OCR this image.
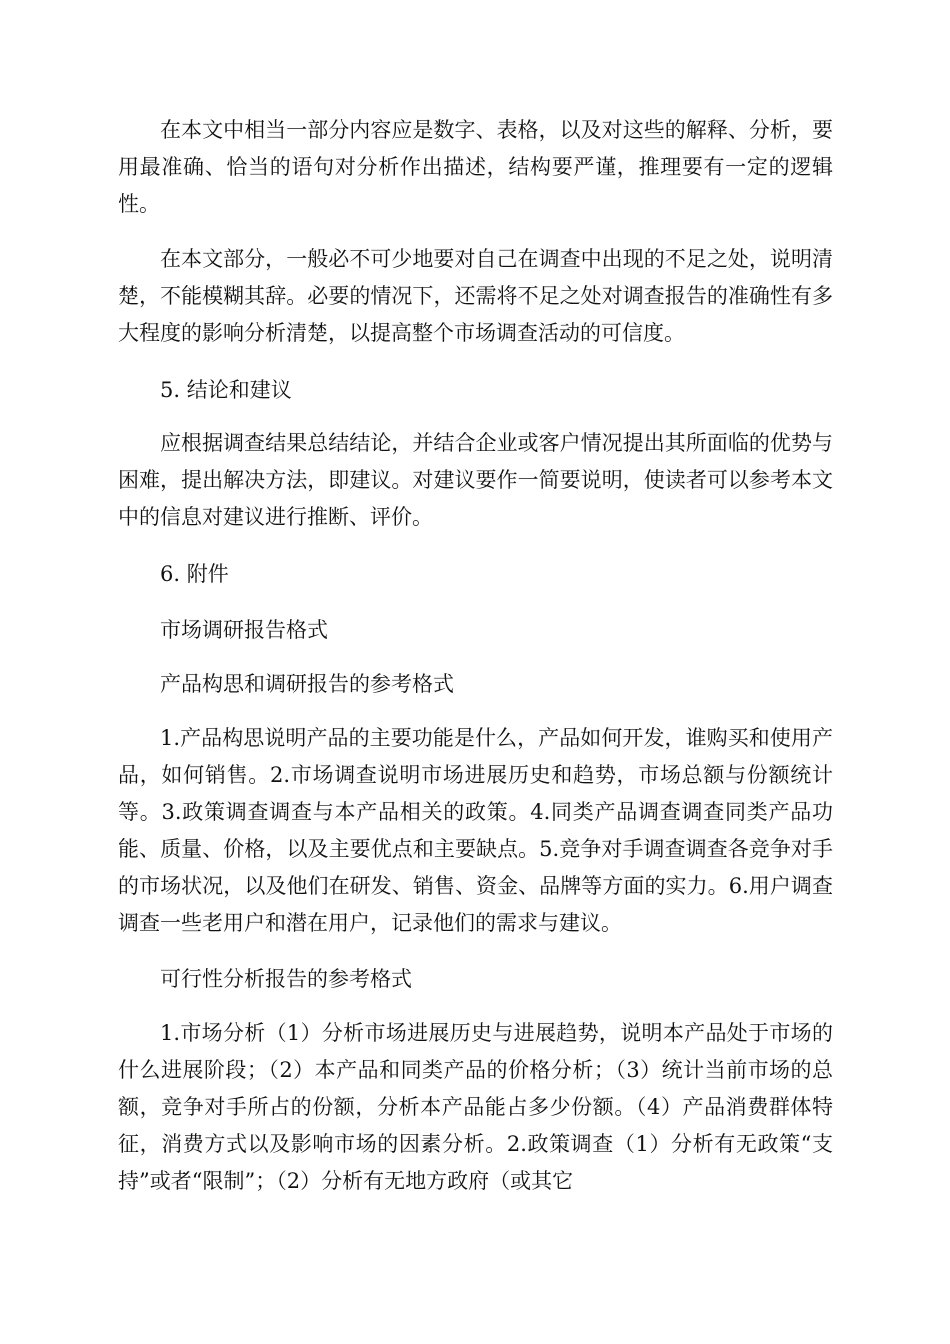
在本文中相当一部分内容应是数字、表格，以及对这些的解释、分析，要用最准确、恰当的语句对分析作出描述，结构要严谨，推理要有一定的逻辑性。

在本文部分，一般必不可少地要对自己在调查中出现的不足之处，说明清楚，不能模糊其辞。必要的情况下，还需将不足之处对调查报告的准确性有多大程度的影响分析清楚，以提高整个市场调查活动的可信度。

5. 结论和建议

应根据调查结果总结结论，并结合企业或客户情况提出其所面临的优势与困难，提出解决方法，即建议。对建议要作一简要说明，使读者可以参考本文中的信息对建议进行推断、评价。

6. 附件

市场调研报告格式

产品构思和调研报告的参考格式

1.产品构思说明产品的主要功能是什么，产品如何开发，谁购买和使用产品，如何销售。2.市场调查说明市场进展历史和趋势，市场总额与份额统计等。3.政策调查调查与本产品相关的政策。4.同类产品调查调查同类产品功能、质量、价格，以及主要优点和主要缺点。5.竞争对手调查调查各竞争对手的市场状况，以及他们在研发、销售、资金、品牌等方面的实力。6.用户调查调查一些老用户和潜在用户，记录他们的需求与建议。

可行性分析报告的参考格式

1.市场分析（1）分析市场进展历史与进展趋势，说明本产品处于市场的什么进展阶段；（2）本产品和同类产品的价格分析；（3）统计当前市场的总额，竞争对手所占的份额，分析本产品能占多少份额。（4）产品消费群体特征，消费方式以及影响市场的因素分析。2.政策调查（1）分析有无政策“支持”或者“限制”；（2）分析有无地方政府（或其它
